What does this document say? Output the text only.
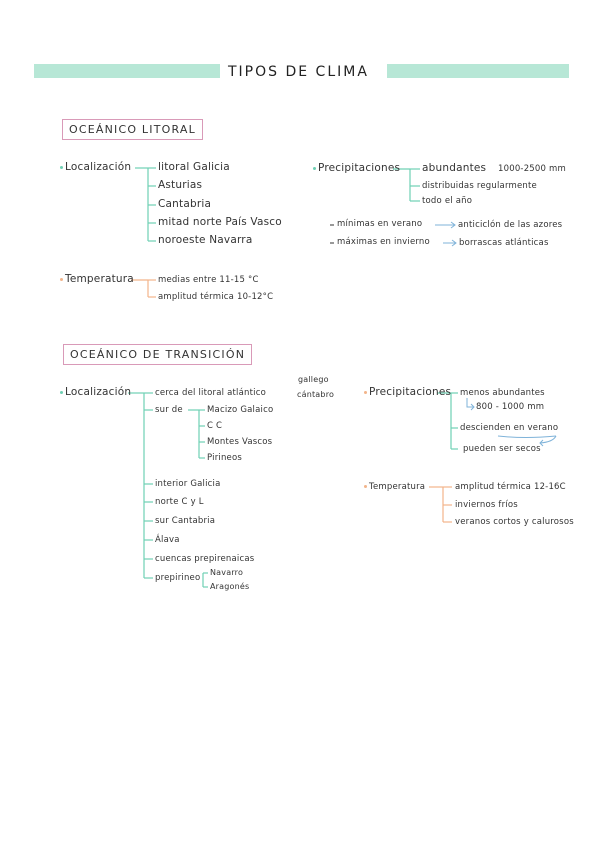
TIPOS DE CLIMA
OCEÁNICO LITORAL
Localización	litoral Galicia
Asturias
Cantabria
mitad norte País Vasco
noroeste Navarra
Precipitaciones abundantes 1000-2500 mm
distribuidas regularmente
todo el año
mínimas en verano	anticiclón de las azores
máximas en invierno	borrascas atlánticas
Temperatura	medias entre 11-15 °C
amplitud térmica 10-12°C
OCEÁNICO DE TRANSICIÓN
Localización	cerca del litoral atlántico
gallego
cántabro
sur de	Macizo Galaico
C C
Montes Vascos
Pirineos
interior Galicia
norte C y L
sur Cantabria
Álava
cuencas prepirenaicas
prepirineo
Navarro
Aragonés
Precipitaciones menos abundantes
800 - 1000 mm
descienden en verano
pueden ser secos
Temperatura	amplitud térmica 12-16C
inviernos fríos
veranos cortos y calurosos
